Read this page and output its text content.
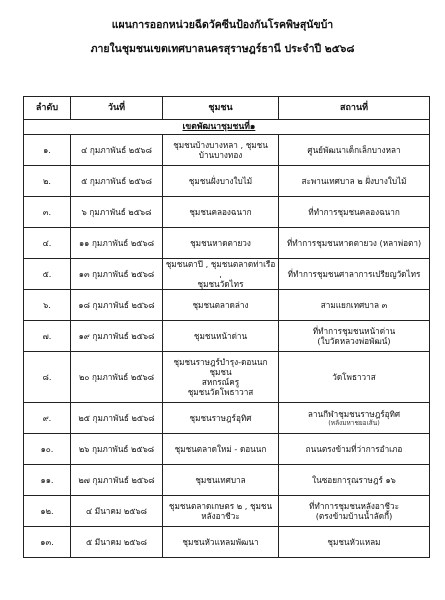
แผนการออกหน่วยฉีดวัคซีนป้องกันโรคพิษสุนัขบ้า
ภายในชุมชนเขตเทศบาลนครสุราษฎร์ธานี ประจำปี ๒๕๖๘
ลำดับ	วันที่	ชุมชน	สถานที่
		เขตพัฒนาชุมชนที่๑	
๑.	๔ กุมภาพันธ์ ๒๕๖๘	ชุมชนบ้างบางหลา , ชุมชน
บ้านบางทอง	ศูนย์พัฒนาเด็กเล็กบางหลา

๒.	๕ กุมภาพันธ์ ๒๕๖๘	ชุมชนฝั่งบางใบไม้	สะพานเทศบาล ๒ ฝั่งบางใบไม้

๓.	๖ กุมภาพันธ์ ๒๕๖๘	ชุมชนคลองฉนาก	ที่ทำการชุมชนคลองฉนาก

๔.	๑๑ กุมภาพันธ์ ๒๕๖๘	ชุมชนหาดตายวง	ที่ทำการชุมชนหาดตายวง (หลาพ่อตา)

๕.	๑๓ กุมภาพันธ์ ๒๕๖๘	ชุมชนตาปี , ชุมชนตลาดท่าเรือ ,
ชุมชนวัดไทร	ที่ทำการชุมชนศาลาการเปรียญวัดไทร

๖.	๑๘ กุมภาพันธ์ ๒๕๖๘	ชุมชนตลาดล่าง	สามแยกเทศบาล ๓

๗.	๑๙ กุมภาพันธ์ ๒๕๖๘	ชุมชนหน้าด่าน	ที่ทำการชุมชนหน้าด่าน
(ใบวัดหลวงพ่อพัฒน์)

๘.	๒๐ กุมภาพันธ์ ๒๕๖๘	ชุมชนราษฎร์บำรุง-ดอนนกชุมชน
สหกรณ์ครู
ชุมชนวัดโพธาวาส	วัดโพธาวาส

๙.	๒๕ กุมภาพันธ์ ๒๕๖๘	ชุมชนราษฎร์อุทิศ	ลานกีฬาชุมชนราษฎร์อุทิศ
(หลังมหาชยอเส้น)

๑๐.	๒๖ กุมภาพันธ์ ๒๕๖๘	ชุมชนตลาดใหม่ - ดอนนก	ถนนตรงข้ามที่ว่าการอำเภอ

๑๑.	๒๗ กุมภาพันธ์ ๒๕๖๘	ชุมชนเทศบาล	ในซอยการุณราษฎร์ ๑๖

๑๒.	๔ มีนาคม ๒๕๖๘	ชุมชนตลาดเกษตร ๒ , ชุมชน
หลังอาชีวะ	ที่ทำการชุมชนหลังอาชีวะ
(ตรงข้ามบ้านน้ำลัดกี้)

๑๓.	๕ มีนาคม ๒๕๖๘	ชุมชนหัวแหลมพัฒนา	ชุมชนหัวแหลม
